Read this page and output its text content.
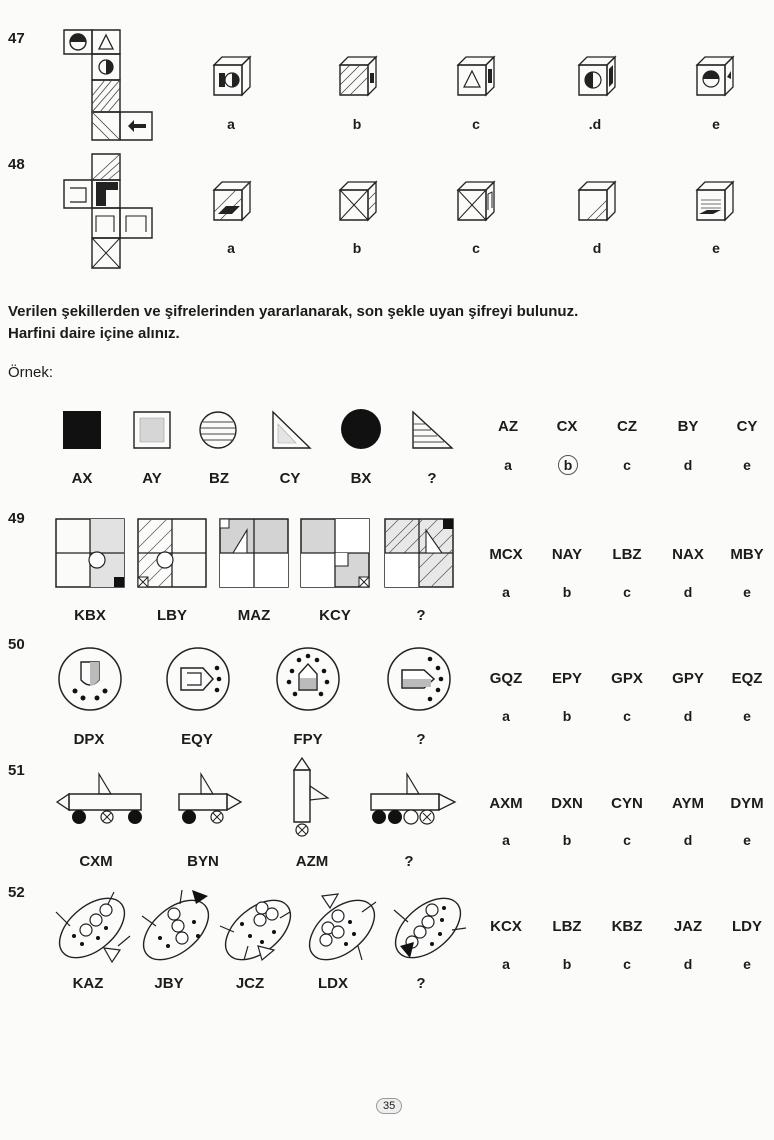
47
a	b	c	.d	e
48
a	b	c	d	e
Verilen şekillerden ve şifrelerinden yararlanarak, son şekle uyan şifreyi bulunuz.
Harfini daire içine alınız.
Örnek:
AX	AY	BZ	CY	BX	?
AZ	CX	CZ	BY	CY
a	b	c	d	e
49
KBX	LBY	MAZ	KCY	?
MCX	NAY	LBZ	NAX	MBY
a	b	c	d	e
50
DPX	EQY	FPY	?
GQZ	EPY	GPX	GPY	EQZ
a	b	c	d	e
51
CXM	BYN	AZM	?
AXM	DXN	CYN	AYM	DYM
a	b	c	d	e
52
KAZ	JBY	JCZ	LDX	?
KCX	LBZ	KBZ	JAZ	LDY
a	b	c	d	e
35
